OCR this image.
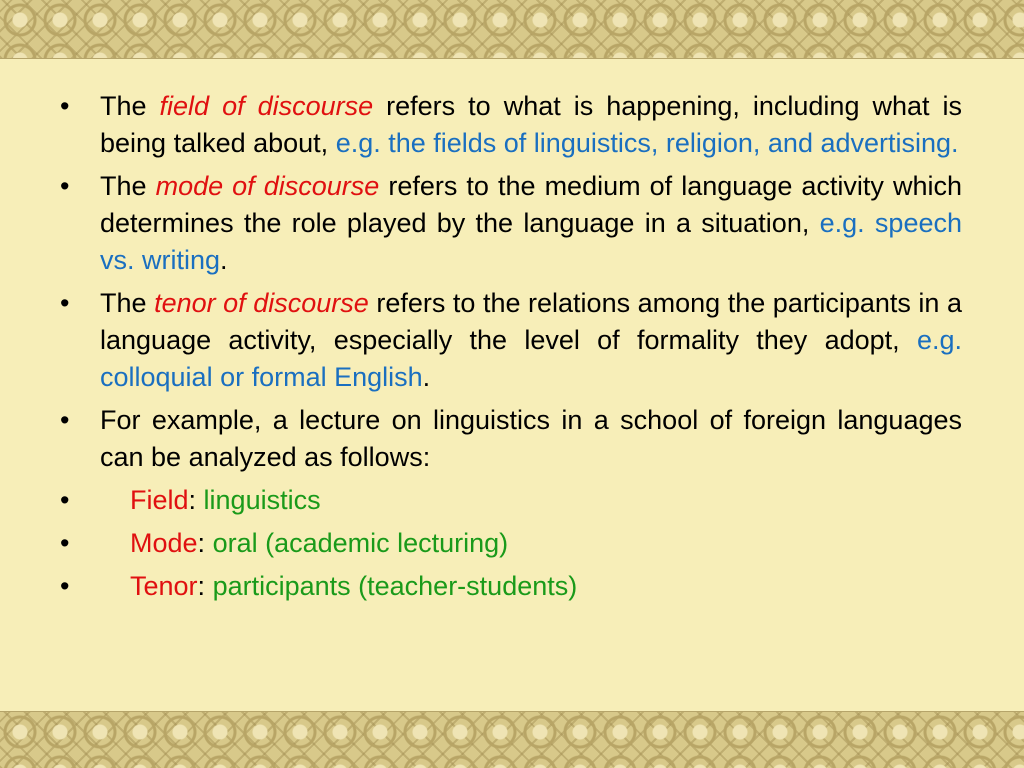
• The field of discourse refers to what is happening, including what is being talked about, e.g. the fields of linguistics, religion, and advertising.
• The mode of discourse refers to the medium of language activity which determines the role played by the language in a situation, e.g. speech vs. writing.
• The tenor of discourse refers to the relations among the participants in a language activity, especially the level of formality they adopt, e.g. colloquial or formal English.
• For example, a lecture on linguistics in a school of foreign languages can be analyzed as follows:
• Field: linguistics
• Mode: oral (academic lecturing)
• Tenor: participants (teacher-students)
